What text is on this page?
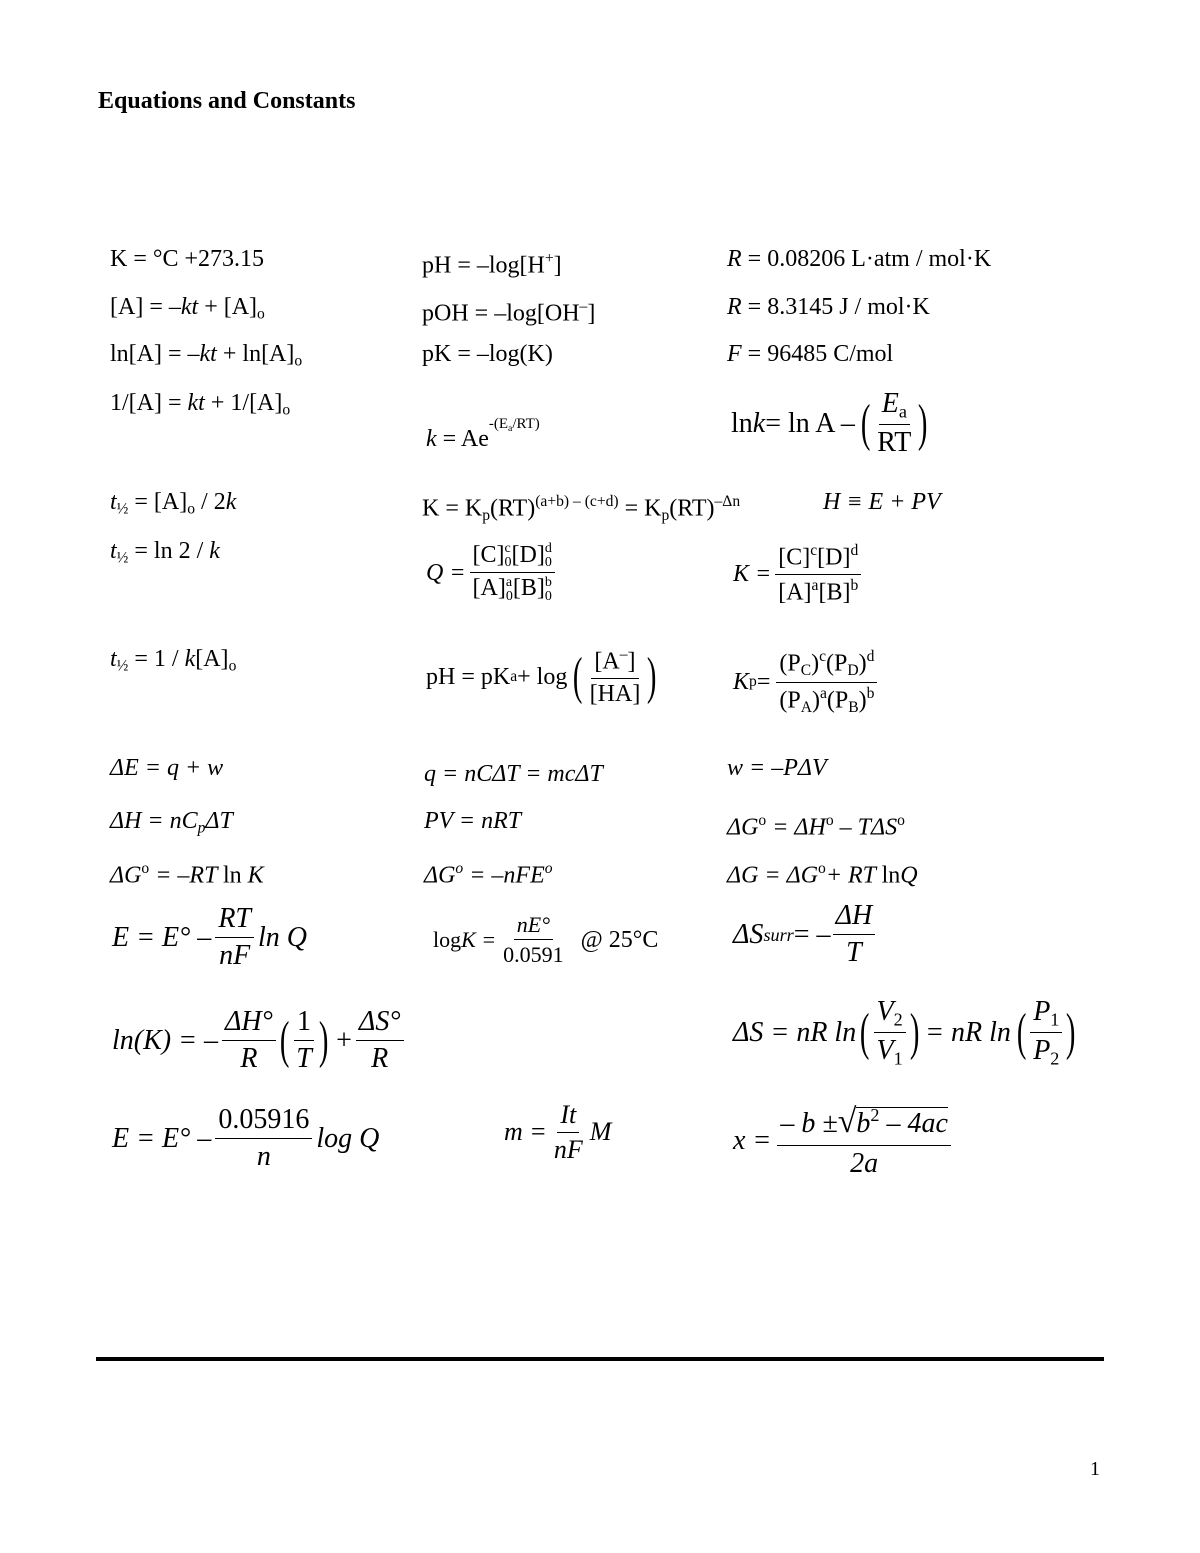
Equations and Constants
K = °C +273.15
$[A] = -kt + [A]_o$
$\ln[A] = -kt + \ln[A]_o$
1/[A] = kt + $1/[A]_o$
$t_{\frac{1}{2}} = [A]_o / 2k$
$t_{\frac{1}{2}} = \ln 2 / k$
$t_{\frac{1}{2}} = 1 / k[A]_o$
ΔE = q + w
$\Delta H = nC_p\Delta T$
$\Delta G^o = -RT$ ln K
pH = –log[H+]
pOH = –log[OH–]
pK = –log(K)
$k = Ae^{-(E_a/RT)}$
$K = K_p(RT)^{(a+b) - (c+d)} = K_p(RT)^{-\Delta n}$
Q = [C] c
0 [D] d
0
[A] a
0 [B] b
0
pH = pK a + log ( [A–]
[HA] )
q = nCΔT = mcΔT
PV = nRT
$\Delta G^o = -nFE^o$
$\log K = \frac{nE^\circ}{0.0591}$ @ 25°C
$m = \frac{It}{nF}$ M
R = 0.08206 L·atm / mol·K
R = 8.3145 J / mol·K
F = 96485 C/mol
ln k = ln A – ( $E_a$
RT )
H ≡ E + PV
$K = \frac{[C]^c[D]^d}{[A]^a[B]^b}$
K $p = \frac{(P_C)^c(P_D)^d}{(P_A)^a(P_B)^b}$
w = –PΔV
$\Delta G^o = \Delta H^o - T\Delta S^o$
$\Delta G = \Delta G^o+$ RT lnQ
ΔS surr = –
ΔH
T
ΔS = nR ln ( $V_2$
$V_1$ ) = nR ln ( $P_1$
$P_2$ )
$x = \frac{- b \pm√b^2 - 4ac}{2a}$
E = E° –
RT
nF
ln Q
ln(K) = –
ΔH°
R ( 1
T ) + $\frac{\Delta S^\circ}{R}$
E = E° –
0.05916
n
log Q
1
